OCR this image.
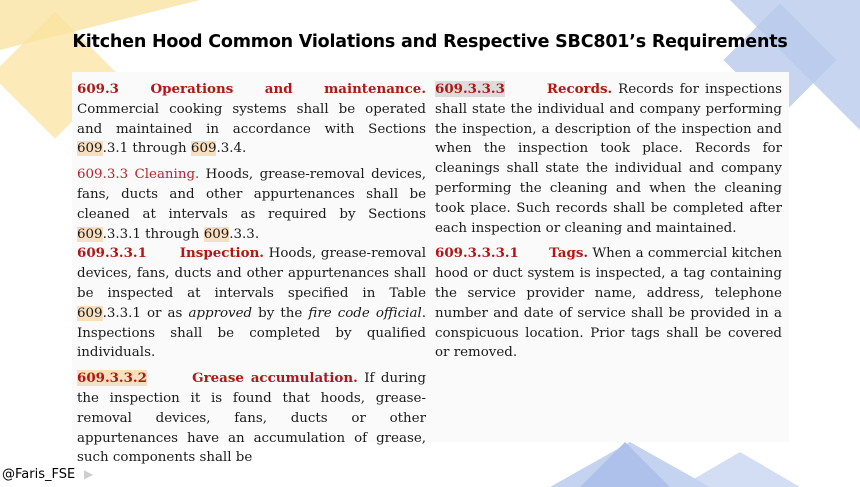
Kitchen Hood Common Violations and Respective SBC801’s Requirements

609.3 Operations and maintenance. Commercial cooking systems shall be operated and maintained in accordance with Sections 609.3.1 through 609.3.4.

609.3.3 Cleaning. Hoods, grease-removal devices, fans, ducts and other appurtenances shall be cleaned at intervals as required by Sections 609.3.3.1 through 609.3.3.

609.3.3.1 Inspection. Hoods, grease-removal devices, fans, ducts and other appurtenances shall be inspected at intervals specified in Table 609.3.3.1 or as approved by the fire code official. Inspections shall be completed by qualified individuals.

609.3.3.2	Grease accumulation. If during the inspection it is found that hoods, grease-removal devices, fans, ducts or other appurtenances have an accumulation of grease, such components shall be

609.3.3.3	Records. Records for inspections shall state the individual and company performing the inspection, a description of the inspection and when the inspection took place. Records for cleanings shall state the individual and company performing the cleaning and when the cleaning took place. Such records shall be completed after each inspection or cleaning and maintained.

609.3.3.3.1 Tags. When a commercial kitchen hood or duct system is inspected, a tag containing the service provider name, address, telephone number and date of service shall be provided in a conspicuous location. Prior tags shall be covered or removed.

@Faris_FSE ▶
